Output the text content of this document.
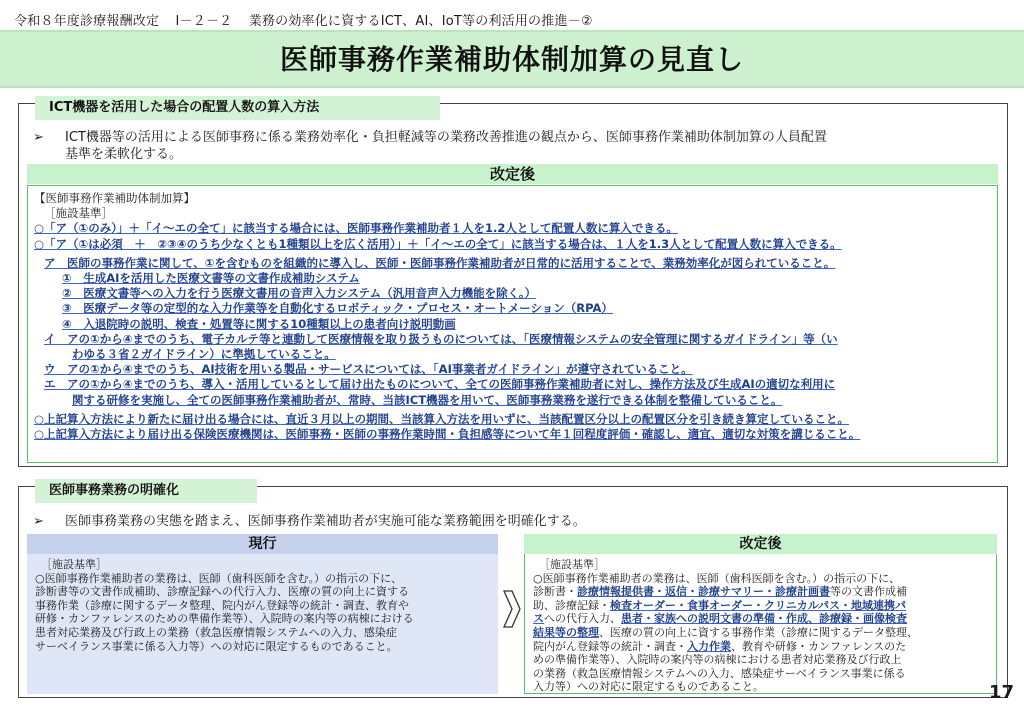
令和８年度診療報酬改定 Ⅰ－２－２ 業務の効率化に資するICT、AI、IoT等の利活用の推進－②
医師事務作業補助体制加算の見直し
ICT機器を活用した場合の配置人数の算入方法
➢ ICT機器等の活用による医師事務に係る業務効率化・負担軽減等の業務改善推進の観点から、医師事務作業補助体制加算の人員配置
基準を柔軟化する。
改定後
【医師事務作業補助体制加算】
［施設基準］
○「ア（①のみ）」＋「イ～エの全て」に該当する場合には、医師事務作業補助者１人を1.2人として配置人数に算入できる。
○「ア（①は必須　＋　②③④のうち少なくとも1種類以上を広く活用）」＋「イ～エの全て」に該当する場合は、１人を1.3人として配置人数に算入できる。
ア　医師の事務作業に関して、①を含むものを組織的に導入し、医師・医師事務作業補助者が日常的に活用することで、業務効率化が図られていること。
①　生成AIを活用した医療文書等の文書作成補助システム
②　医療文書等への入力を行う医療文書用の音声入力システム（汎用音声入力機能を除く。）
③　医療データ等の定型的な入力作業等を自動化するロボティック・プロセス・オートメーション（RPA）
④　入退院時の説明、検査・処置等に関する10種類以上の患者向け説明動画
イ　アの①から④までのうち、電子カルテ等と連動して医療情報を取り扱うものについては、「医療情報システムの安全管理に関するガイドライン」等（い
わゆる３省２ガイドライン）に準拠していること。
ウ　アの①から④までのうち、AI技術を用いる製品・サービスについては、「AI事業者ガイドライン」が遵守されていること。
エ　アの①から④までのうち、導入・活用しているとして届け出たものについて、全ての医師事務作業補助者に対し、操作方法及び生成AIの適切な利用に
関する研修を実施し、全ての医師事務作業補助者が、常時、当該ICT機器を用いて、医師事務業務を遂行できる体制を整備していること。
○上記算入方法により新たに届け出る場合には、直近３月以上の期間、当該算入方法を用いずに、当該配置区分以上の配置区分を引き続き算定していること。
○上記算入方法により届け出る保険医療機関は、医師事務・医師の事務作業時間・負担感等について年１回程度評価・確認し、適宜、適切な対策を講じること。
医師事務業務の明確化
➢ 医師事務業務の実態を踏まえ、医師事務作業補助者が実施可能な業務範囲を明確化する。
現行
［施設基準］
○医師事務作業補助者の業務は、医師（歯科医師を含む。）の指示の下に、
診断書等の文書作成補助、診療記録への代行入力、医療の質の向上に資する
事務作業（診療に関するデータ整理、院内がん登録等の統計・調査、教育や
研修・カンファレンスのための準備作業等）、入院時の案内等の病棟における
患者対応業務及び行政上の業務（救急医療情報システムへの入力、感染症
サーベイランス事業に係る入力等）への対応に限定するものであること。
改定後
［施設基準］
○医師事務作業補助者の業務は、医師（歯科医師を含む。）の指示の下に、
診断書・診療情報提供書・返信・診療サマリー・診療計画書等の文書作成補
助、診療記録・検査オーダー・食事オーダー・クリニカルパス・地域連携パ
スへの代行入力、患者・家族への説明文書の準備・作成、診療録・画像検査
結果等の整理、医療の質の向上に資する事務作業（診療に関するデータ整理、
院内がん登録等の統計・調査・入力作業、教育や研修・カンファレンスのた
めの準備作業等）、入院時の案内等の病棟における患者対応業務及び行政上
の業務（救急医療情報システムへの入力、感染症サーベイランス事業に係る
入力等）への対応に限定するものであること。	17
